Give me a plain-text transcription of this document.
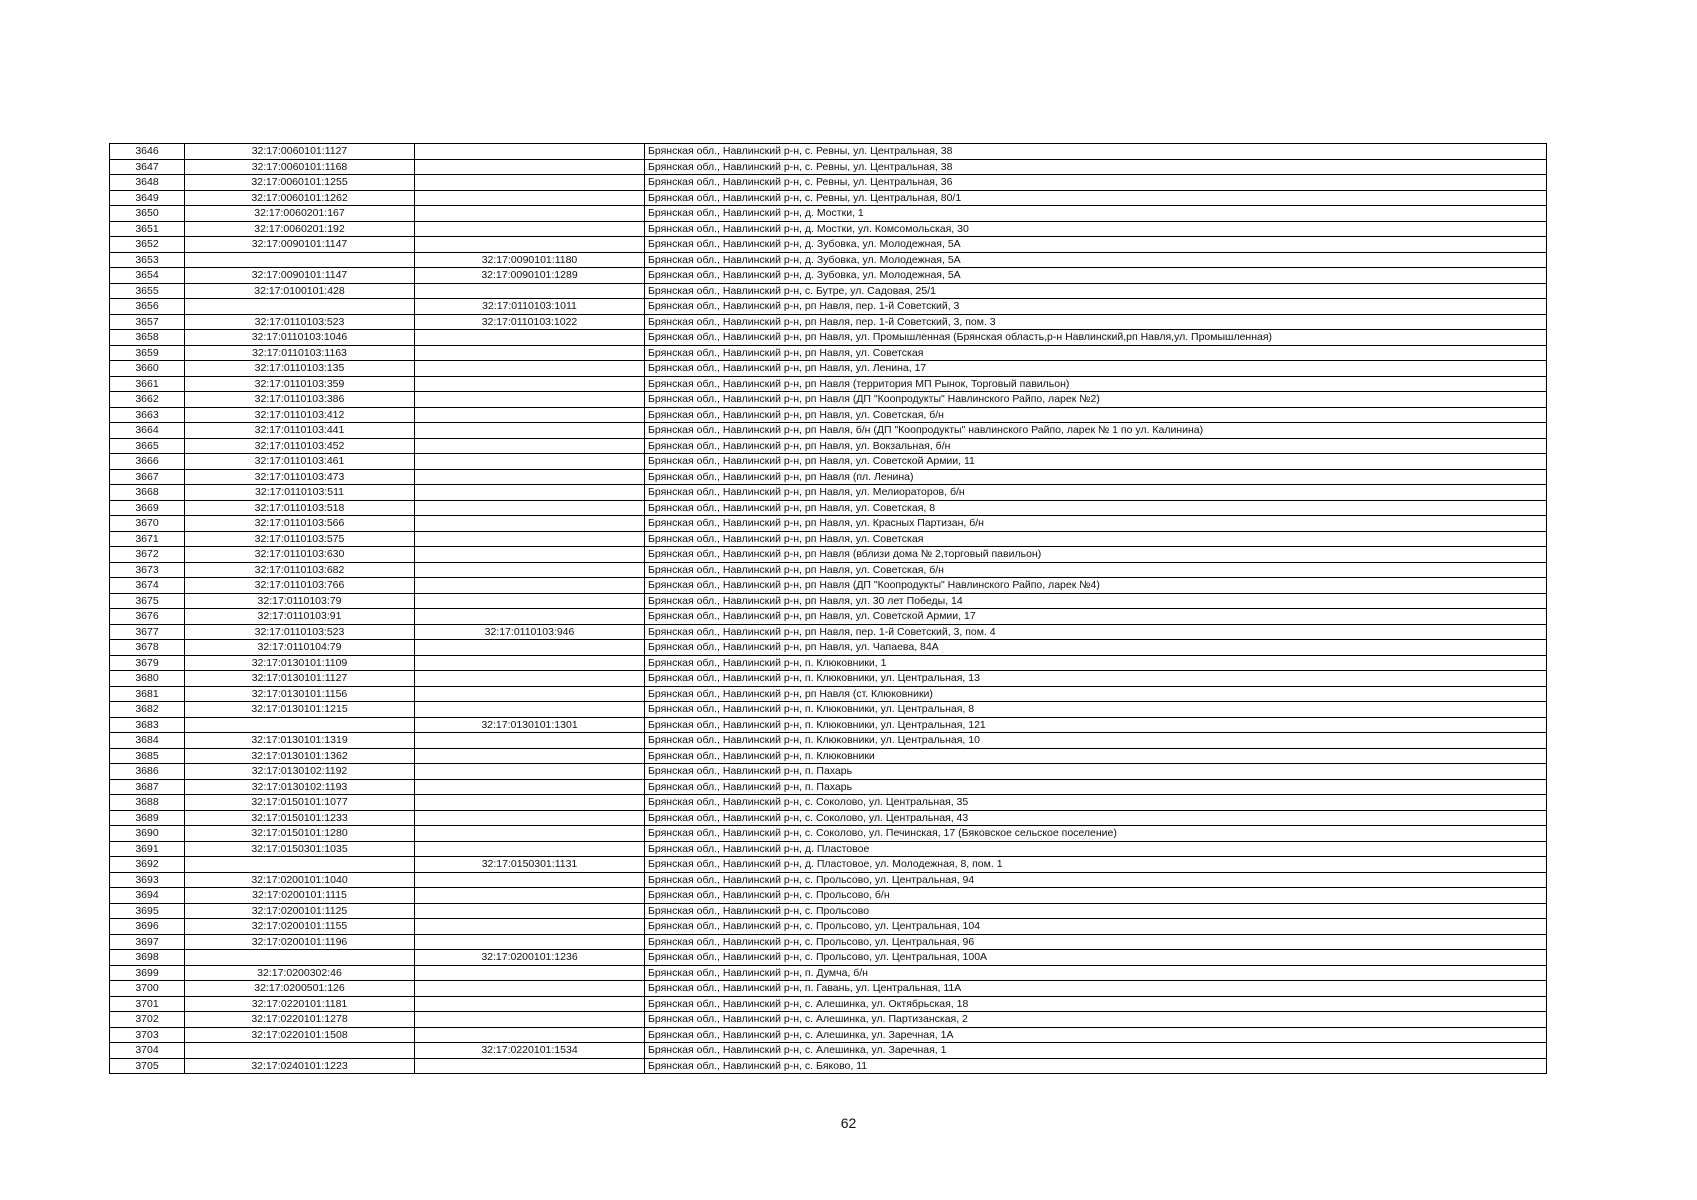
3646	32:17:0060101:1127		Брянская обл., Навлинский р-н, с. Ревны, ул. Центральная, 38
3647	32:17:0060101:1168		Брянская обл., Навлинский р-н, с. Ревны, ул. Центральная, 38
3648	32:17:0060101:1255		Брянская обл., Навлинский р-н, с. Ревны, ул. Центральная, 36
3649	32:17:0060101:1262		Брянская обл., Навлинский р-н, с. Ревны, ул. Центральная, 80/1
3650	32:17:0060201:167		Брянская обл., Навлинский р-н, д. Мостки, 1
3651	32:17:0060201:192		Брянская обл., Навлинский р-н, д. Мостки, ул. Комсомольская, 30
3652	32:17:0090101:1147		Брянская обл., Навлинский р-н, д. Зубовка, ул. Молодежная, 5А
3653		32:17:0090101:1180	Брянская обл., Навлинский р-н, д. Зубовка, ул. Молодежная, 5А
3654	32:17:0090101:1147	32:17:0090101:1289	Брянская обл., Навлинский р-н, д. Зубовка, ул. Молодежная, 5А
3655	32:17:0100101:428		Брянская обл., Навлинский р-н, с. Бутре, ул. Садовая, 25/1
3656		32:17:0110103:1011	Брянская обл., Навлинский р-н, рп Навля, пер. 1-й Советский, 3
3657	32:17:0110103:523	32:17:0110103:1022	Брянская обл., Навлинский р-н, рп Навля, пер. 1-й Советский, 3, пом. 3
3658	32:17:0110103:1046		Брянская обл., Навлинский р-н, рп Навля, ул. Промышленная (Брянская область,р-н Навлинский,рп Навля,ул. Промышленная)
3659	32:17:0110103:1163		Брянская обл., Навлинский р-н, рп Навля, ул. Советская
3660	32:17:0110103:135		Брянская обл., Навлинский р-н, рп Навля, ул. Ленина, 17
3661	32:17:0110103:359		Брянская обл., Навлинский р-н, рп Навля (территория МП Рынок, Торговый павильон)
3662	32:17:0110103:386		Брянская обл., Навлинский р-н, рп Навля (ДП "Коопродукты" Навлинского Райпо, ларек №2)
3663	32:17:0110103:412		Брянская обл., Навлинский р-н, рп Навля, ул. Советская, б/н
3664	32:17:0110103:441		Брянская обл., Навлинский р-н, рп Навля, б/н (ДП "Коопродукты" навлинского Райпо, ларек № 1 по ул. Калинина)
3665	32:17:0110103:452		Брянская обл., Навлинский р-н, рп Навля, ул. Вокзальная, б/н
3666	32:17:0110103:461		Брянская обл., Навлинский р-н, рп Навля, ул. Советской Армии, 11
3667	32:17:0110103:473		Брянская обл., Навлинский р-н, рп Навля (пл. Ленина)
3668	32:17:0110103:511		Брянская обл., Навлинский р-н, рп Навля, ул. Мелиораторов, б/н
3669	32:17:0110103:518		Брянская обл., Навлинский р-н, рп Навля, ул. Советская, 8
3670	32:17:0110103:566		Брянская обл., Навлинский р-н, рп Навля, ул. Красных Партизан, б/н
3671	32:17:0110103:575		Брянская обл., Навлинский р-н, рп Навля, ул. Советская
3672	32:17:0110103:630		Брянская обл., Навлинский р-н, рп Навля (вблизи дома № 2,торговый павильон)
3673	32:17:0110103:682		Брянская обл., Навлинский р-н, рп Навля, ул. Советская, б/н
3674	32:17:0110103:766		Брянская обл., Навлинский р-н, рп Навля (ДП "Коопродукты" Навлинского Райпо, ларек №4)
3675	32:17:0110103:79		Брянская обл., Навлинский р-н, рп Навля, ул. 30 лет Победы, 14
3676	32:17:0110103:91		Брянская обл., Навлинский р-н, рп Навля, ул. Советской Армии, 17
3677	32:17:0110103:523	32:17:0110103:946	Брянская обл., Навлинский р-н, рп Навля, пер. 1-й Советский, 3, пом. 4
3678	32:17:0110104:79		Брянская обл., Навлинский р-н, рп Навля, ул. Чапаева, 84А
3679	32:17:0130101:1109		Брянская обл., Навлинский р-н, п. Клюковники, 1
3680	32:17:0130101:1127		Брянская обл., Навлинский р-н, п. Клюковники, ул. Центральная, 13
3681	32:17:0130101:1156		Брянская обл., Навлинский р-н, рп Навля (ст. Клюковники)
3682	32:17:0130101:1215		Брянская обл., Навлинский р-н, п. Клюковники, ул. Центральная, 8
3683		32:17:0130101:1301	Брянская обл., Навлинский р-н, п. Клюковники, ул. Центральная, 121
3684	32:17:0130101:1319		Брянская обл., Навлинский р-н, п. Клюковники, ул. Центральная, 10
3685	32:17:0130101:1362		Брянская обл., Навлинский р-н, п. Клюковники
3686	32:17:0130102:1192		Брянская обл., Навлинский р-н, п. Пахарь
3687	32:17:0130102:1193		Брянская обл., Навлинский р-н, п. Пахарь
3688	32:17:0150101:1077		Брянская обл., Навлинский р-н, с. Соколово, ул. Центральная, 35
3689	32:17:0150101:1233		Брянская обл., Навлинский р-н, с. Соколово, ул. Центральная, 43
3690	32:17:0150101:1280		Брянская обл., Навлинский р-н, с. Соколово, ул. Печинская, 17 (Бяковское сельское поселение)
3691	32:17:0150301:1035		Брянская обл., Навлинский р-н, д. Пластовое
3692		32:17:0150301:1131	Брянская обл., Навлинский р-н, д. Пластовое, ул. Молодежная, 8, пом. 1
3693	32:17:0200101:1040		Брянская обл., Навлинский р-н, с. Прольсово, ул. Центральная, 94
3694	32:17:0200101:1115		Брянская обл., Навлинский р-н, с. Прольсово, б/н
3695	32:17:0200101:1125		Брянская обл., Навлинский р-н, с. Прольсово
3696	32:17:0200101:1155		Брянская обл., Навлинский р-н, с. Прольсово, ул. Центральная, 104
3697	32:17:0200101:1196		Брянская обл., Навлинский р-н, с. Прольсово, ул. Центральная, 96
3698		32:17:0200101:1236	Брянская обл., Навлинский р-н, с. Прольсово, ул. Центральная, 100А
3699	32:17:0200302:46		Брянская обл., Навлинский р-н, п. Думча, б/н
3700	32:17:0200501:126		Брянская обл., Навлинский р-н, п. Гавань, ул. Центральная, 11А
3701	32:17:0220101:1181		Брянская обл., Навлинский р-н, с. Алешинка, ул. Октябрьская, 18
3702	32:17:0220101:1278		Брянская обл., Навлинский р-н, с. Алешинка, ул. Партизанская, 2
3703	32:17:0220101:1508		Брянская обл., Навлинский р-н, с. Алешинка, ул. Заречная, 1А
3704		32:17:0220101:1534	Брянская обл., Навлинский р-н, с. Алешинка, ул. Заречная, 1
3705	32:17:0240101:1223		Брянская обл., Навлинский р-н, с. Бяково, 11
62
